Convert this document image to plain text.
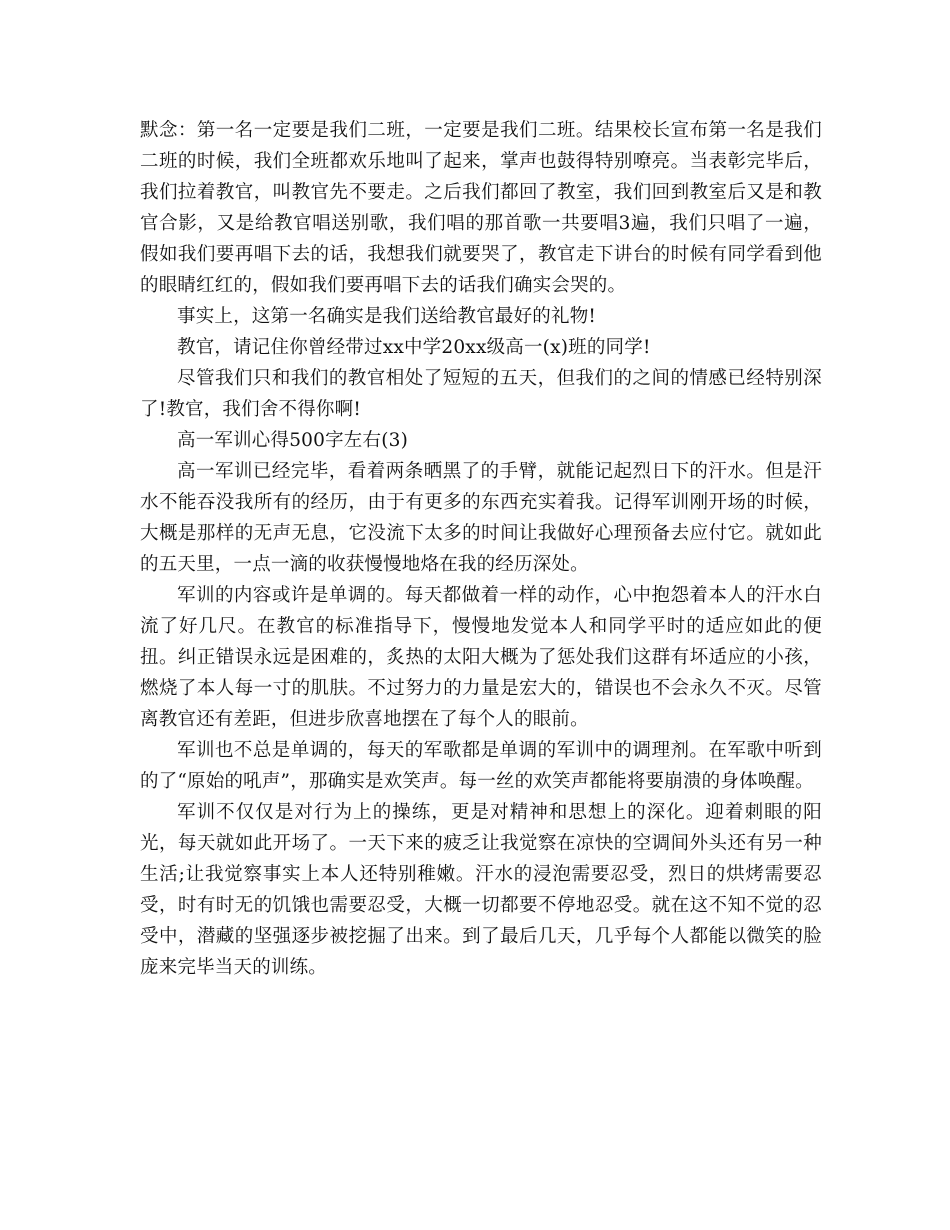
默念：第一名一定要是我们二班，一定要是我们二班。结果校长宣布第一名是我们二班的时候，我们全班都欢乐地叫了起来，掌声也鼓得特别嘹亮。当表彰完毕后，我们拉着教官，叫教官先不要走。之后我们都回了教室，我们回到教室后又是和教官合影，又是给教官唱送别歌，我们唱的那首歌一共要唱3遍，我们只唱了一遍，假如我们要再唱下去的话，我想我们就要哭了，教官走下讲台的时候有同学看到他的眼睛红红的，假如我们要再唱下去的话我们确实会哭的。

事实上，这第一名确实是我们送给教官最好的礼物!

教官，请记住你曾经带过xx中学20xx级高一(x)班的同学!

尽管我们只和我们的教官相处了短短的五天，但我们的之间的情感已经特别深了!教官，我们舍不得你啊!

高一军训心得500字左右(3)

高一军训已经完毕，看着两条晒黑了的手臂，就能记起烈日下的汗水。但是汗水不能吞没我所有的经历，由于有更多的东西充实着我。记得军训刚开场的时候，大概是那样的无声无息，它没流下太多的时间让我做好心理预备去应付它。就如此的五天里，一点一滴的收获慢慢地烙在我的经历深处。

军训的内容或许是单调的。每天都做着一样的动作，心中抱怨着本人的汗水白流了好几尺。在教官的标准指导下，慢慢地发觉本人和同学平时的适应如此的便扭。纠正错误永远是困难的，炙热的太阳大概为了惩处我们这群有坏适应的小孩，燃烧了本人每一寸的肌肤。不过努力的力量是宏大的，错误也不会永久不灭。尽管离教官还有差距，但进步欣喜地摆在了每个人的眼前。

军训也不总是单调的，每天的军歌都是单调的军训中的调理剂。在军歌中听到的了“原始的吼声”，那确实是欢笑声。每一丝的欢笑声都能将要崩溃的身体唤醒。

军训不仅仅是对行为上的操练，更是对精神和思想上的深化。迎着刺眼的阳光，每天就如此开场了。一天下来的疲乏让我觉察在凉快的空调间外头还有另一种生活;让我觉察事实上本人还特别稚嫩。汗水的浸泡需要忍受，烈日的烘烤需要忍受，时有时无的饥饿也需要忍受，大概一切都要不停地忍受。就在这不知不觉的忍受中，潜藏的坚强逐步被挖掘了出来。到了最后几天，几乎每个人都能以微笑的脸庞来完毕当天的训练。
